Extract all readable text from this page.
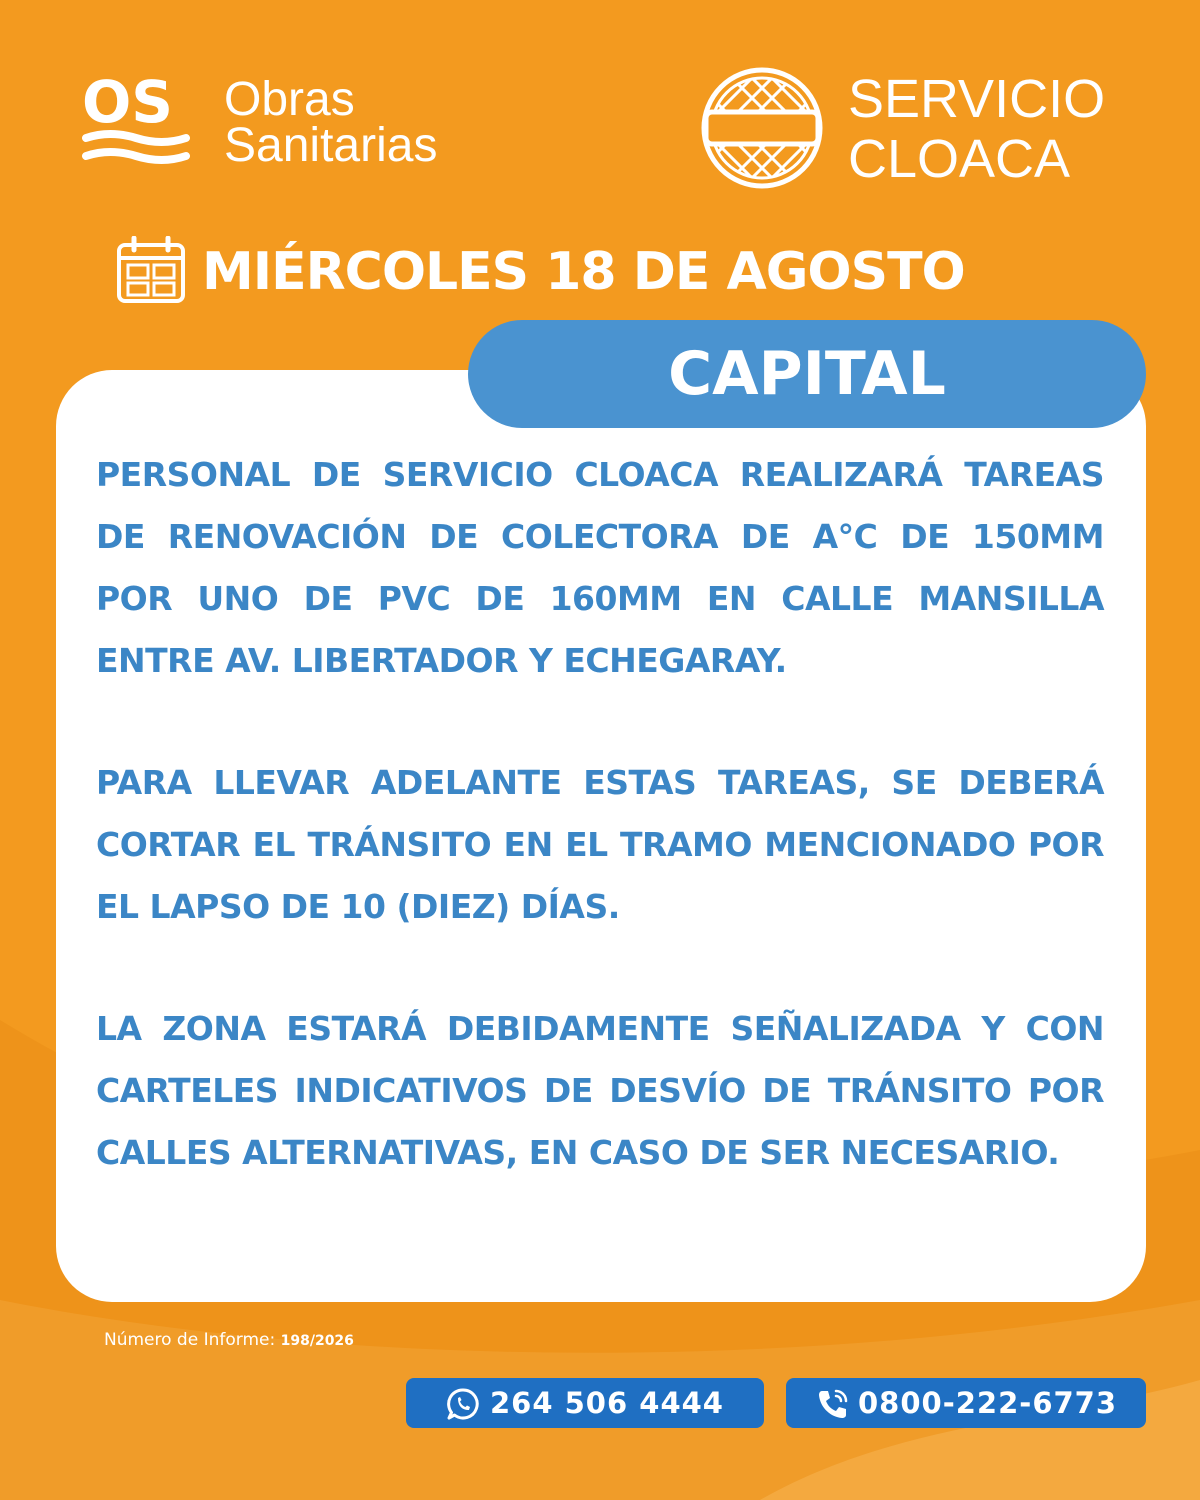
OS Obras
Sanitarias
SERVICIO
CLOACA
MIÉRCOLES 18 DE AGOSTO
CAPITAL
PERSONAL DE SERVICIO CLOACA REALIZARÁ TAREAS DE RENOVACIÓN DE COLECTORA DE A°C DE 150MM POR UNO DE PVC DE 160MM EN CALLE MANSILLA ENTRE AV. LIBERTADOR Y ECHEGARAY.
PARA LLEVAR ADELANTE ESTAS TAREAS, SE DEBERÁ CORTAR EL TRÁNSITO EN EL TRAMO MENCIONADO POR EL LAPSO DE 10 (DIEZ) DÍAS.
LA ZONA ESTARÁ DEBIDAMENTE SEÑALIZADA Y CON CARTELES INDICATIVOS DE DESVÍO DE TRÁNSITO POR CALLES ALTERNATIVAS, EN CASO DE SER NECESARIO.
Número de Informe: 198/2026
264 506 4444	0800-222-6773
